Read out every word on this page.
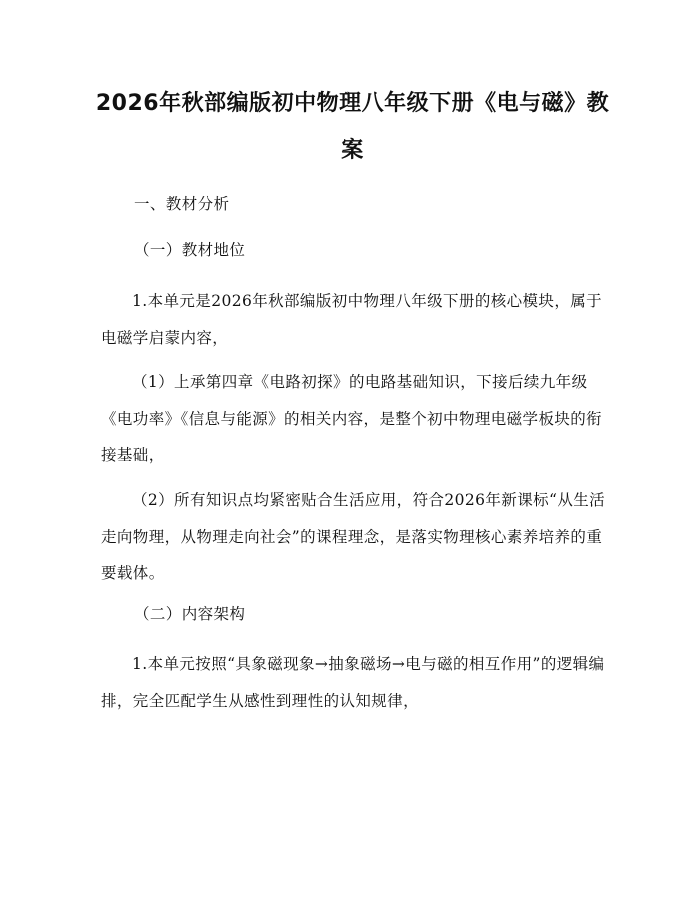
2026年秋部编版初中物理八年级下册《电与磁》教案
一、教材分析
（一）教材地位
1.本单元是2026年秋部编版初中物理八年级下册的核心模块，属于电磁学启蒙内容，
（1）上承第四章《电路初探》的电路基础知识，下接后续九年级《电功率》《信息与能源》的相关内容，是整个初中物理电磁学板块的衔接基础，
（2）所有知识点均紧密贴合生活应用，符合2026年新课标“从生活走向物理，从物理走向社会”的课程理念，是落实物理核心素养培养的重要载体。
（二）内容架构
1.本单元按照“具象磁现象→抽象磁场→电与磁的相互作用”的逻辑编排，完全匹配学生从感性到理性的认知规律，
